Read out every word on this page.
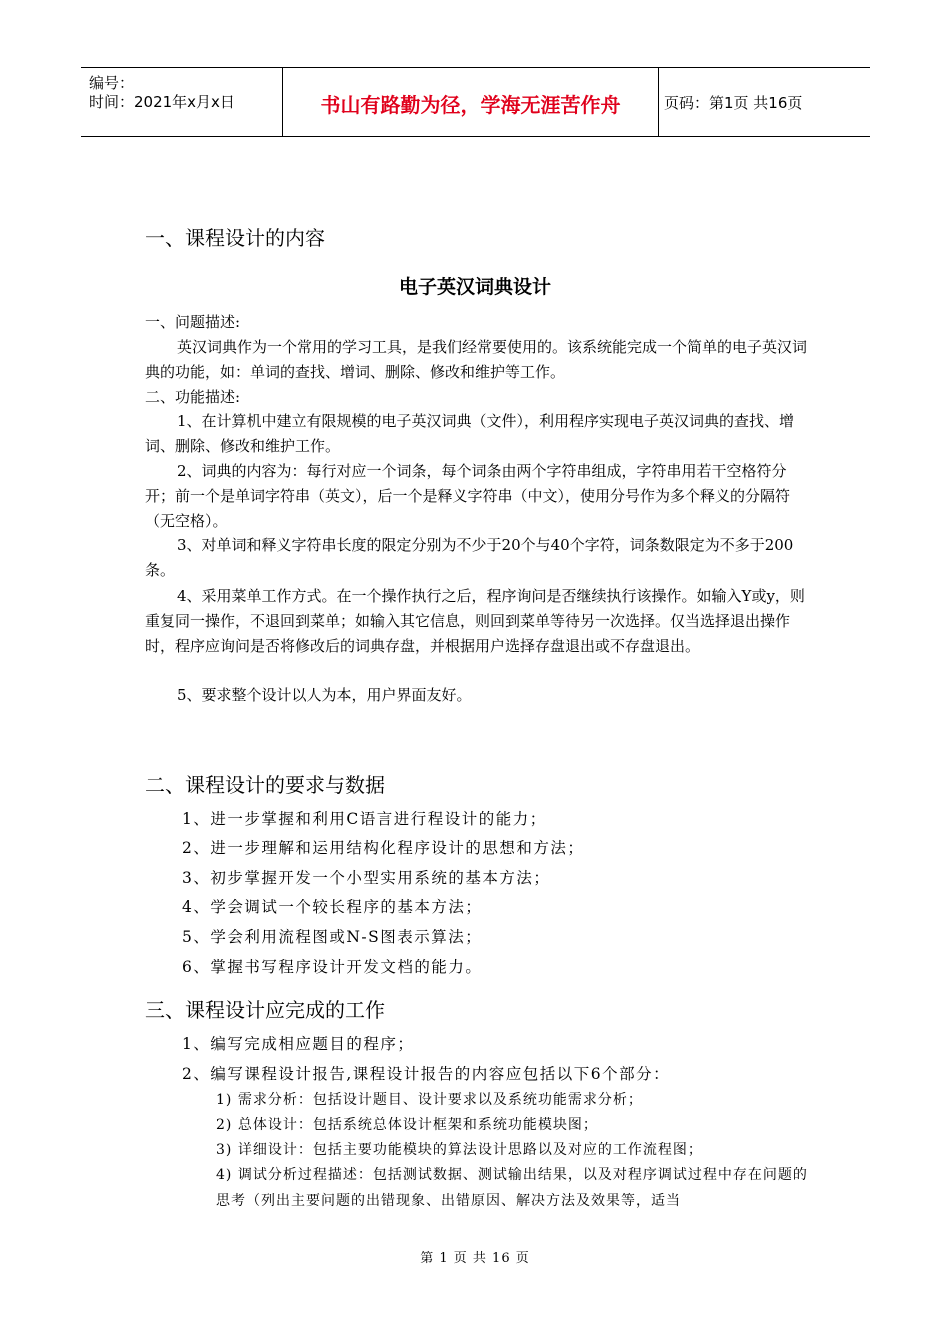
编号：
时间：2021年x月x日	书山有路勤为径，学海无涯苦作舟	页码：第1页 共16页
一、课程设计的内容
电子英汉词典设计
一、问题描述:
英汉词典作为一个常用的学习工具，是我们经常要使用的。该系统能完成一个简单的电子英汉词典的功能，如：单词的查找、增词、删除、修改和维护等工作。
二、功能描述:
1、在计算机中建立有限规模的电子英汉词典（文件），利用程序实现电子英汉词典的查找、增词、删除、修改和维护工作。
2、词典的内容为：每行对应一个词条，每个词条由两个字符串组成，字符串用若干空格符分开；前一个是单词字符串（英文），后一个是释义字符串（中文），使用分号作为多个释义的分隔符（无空格）。
3、对单词和释义字符串长度的限定分别为不少于20个与40个字符，词条数限定为不多于200条。
4、采用菜单工作方式。在一个操作执行之后，程序询问是否继续执行该操作。如输入Y或y，则重复同一操作，不退回到菜单；如输入其它信息，则回到菜单等待另一次选择。仅当选择退出操作时，程序应询问是否将修改后的词典存盘，并根据用户选择存盘退出或不存盘退出。
5、要求整个设计以人为本，用户界面友好。
二、课程设计的要求与数据
1、进一步掌握和利用C语言进行程设计的能力；
2、进一步理解和运用结构化程序设计的思想和方法；
3、初步掌握开发一个小型实用系统的基本方法；
4、学会调试一个较长程序的基本方法；
5、学会利用流程图或N-S图表示算法；
6、掌握书写程序设计开发文档的能力。
三、课程设计应完成的工作
1、编写完成相应题目的程序；
2、编写课程设计报告,课程设计报告的内容应包括以下6个部分：
1) 需求分析：包括设计题目、设计要求以及系统功能需求分析；
2) 总体设计：包括系统总体设计框架和系统功能模块图；
3) 详细设计：包括主要功能模块的算法设计思路以及对应的工作流程图；
4) 调试分析过程描述：包括测试数据、测试输出结果，以及对程序调试过程中存在问题的思考（列出主要问题的出错现象、出错原因、解决方法及效果等，适当
第 1 页 共 16 页
